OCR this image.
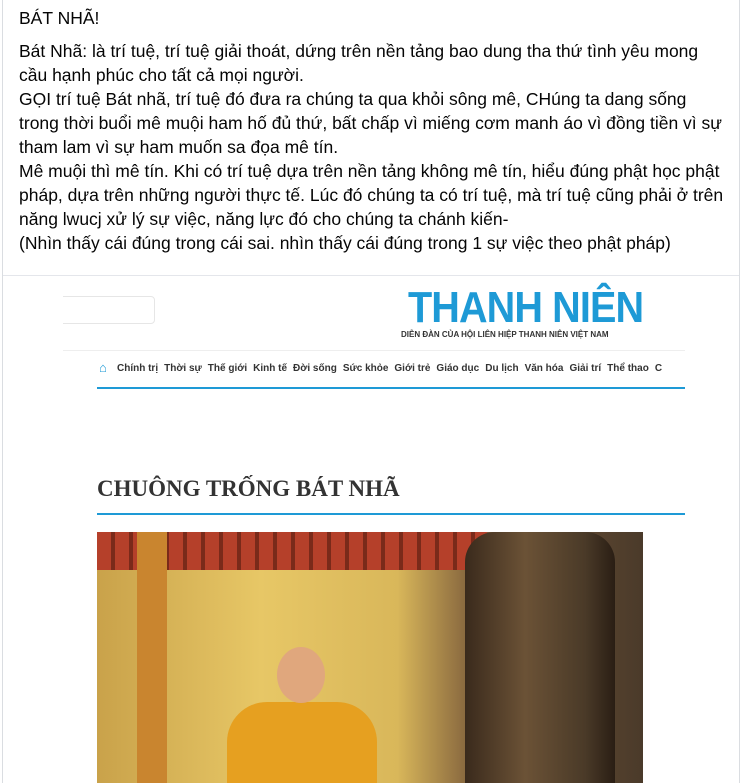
BÁT NHÃ!

Bát Nhã: là trí tuệ, trí tuệ giải thoát, dứng trên nền tảng bao dung tha thứ tình yêu mong cầu hạnh phúc cho tất cả mọi người.
GỌI trí tuệ Bát nhã, trí tuệ đó đưa ra chúng ta qua khỏi sông mê, CHúng ta dang sống trong thời buổi mê muội ham hố đủ thứ, bất chấp vì miếng cơm manh áo vì đồng tiền vì sự tham lam vì sự ham muốn sa đọa mê tín.
Mê muội thì mê tín. Khi có trí tuệ dựa trên nền tảng không mê tín, hiểu đúng phật học phật pháp, dựa trên những người thực tế. Lúc đó chúng ta có trí tuệ, mà trí tuệ cũng phải ở trên năng lwucj xử lý sự việc, năng lực đó cho chúng ta chánh kiến-
(Nhìn thấy cái đúng trong cái sai. nhìn thấy cái đúng trong 1 sự việc theo phật pháp)

THANH NIÊN
DIỄN ĐÀN CỦA HỘI LIÊN HIỆP THANH NIÊN VIỆT NAM
⌂	Chính trị Thời sự Thế giới Kinh tế Đời sống Sức khỏe Giới trẻ Giáo dục Du lịch Văn hóa Giải trí Thể thao C
CHUÔNG TRỐNG BÁT NHÃ
